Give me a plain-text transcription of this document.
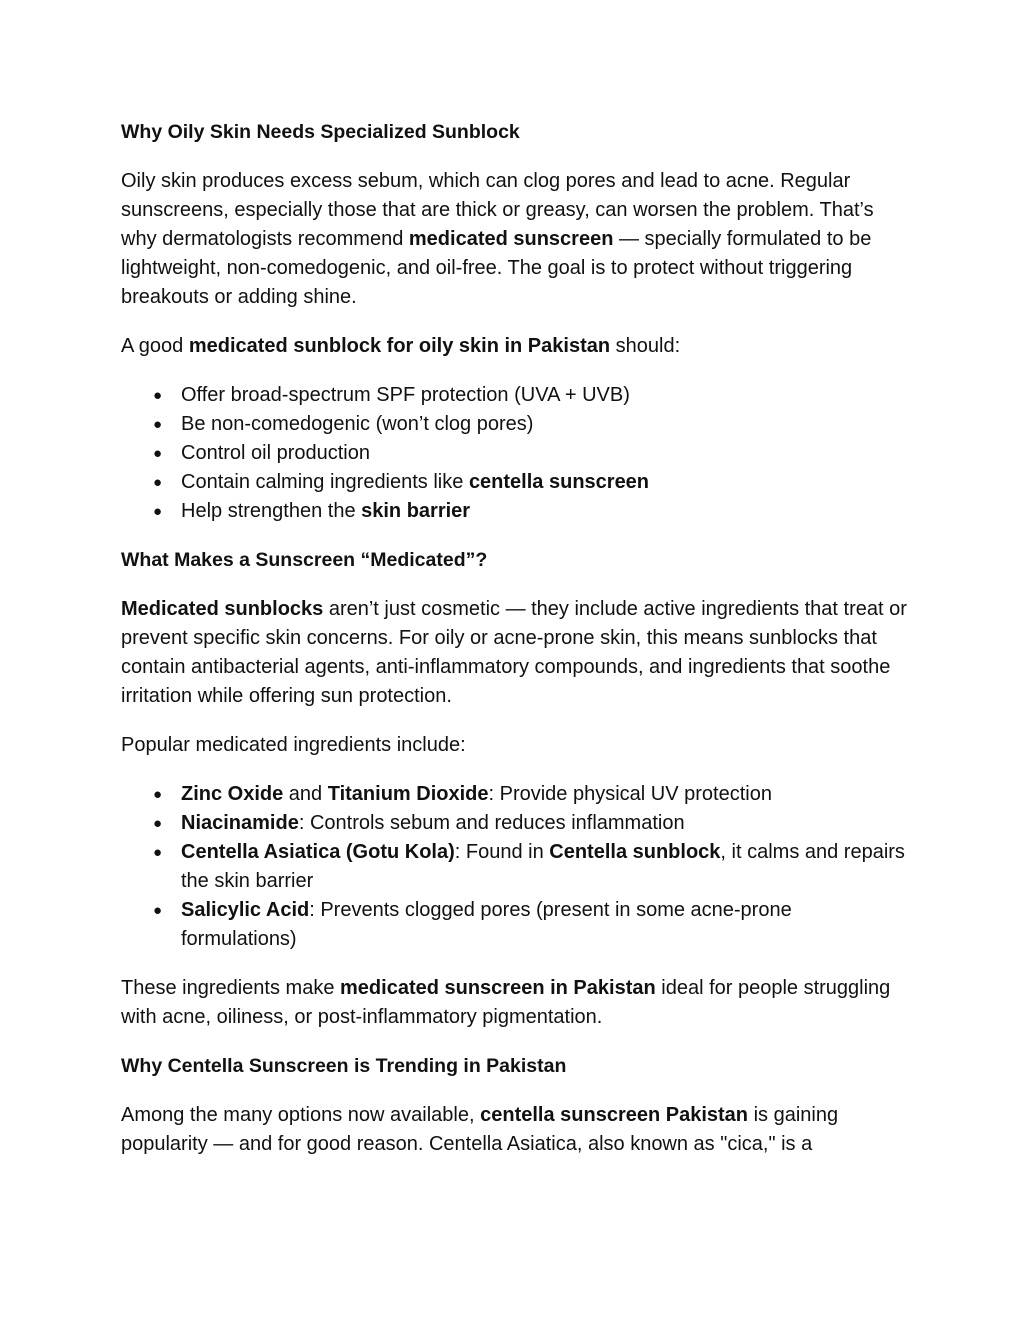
Why Oily Skin Needs Specialized Sunblock

Oily skin produces excess sebum, which can clog pores and lead to acne. Regular sunscreens, especially those that are thick or greasy, can worsen the problem. That’s why dermatologists recommend medicated sunscreen — specially formulated to be lightweight, non-comedogenic, and oil-free. The goal is to protect without triggering breakouts or adding shine.

A good medicated sunblock for oily skin in Pakistan should:

● Offer broad-spectrum SPF protection (UVA + UVB)
● Be non-comedogenic (won’t clog pores)
● Control oil production
● Contain calming ingredients like centella sunscreen
● Help strengthen the skin barrier
What Makes a Sunscreen “Medicated”?

Medicated sunblocks aren’t just cosmetic — they include active ingredients that treat or prevent specific skin concerns. For oily or acne-prone skin, this means sunblocks that contain antibacterial agents, anti-inflammatory compounds, and ingredients that soothe irritation while offering sun protection.

Popular medicated ingredients include:

● Zinc Oxide and Titanium Dioxide: Provide physical UV protection
● Niacinamide: Controls sebum and reduces inflammation
● Centella Asiatica (Gotu Kola): Found in Centella sunblock, it calms and repairs the skin barrier
● Salicylic Acid: Prevents clogged pores (present in some acne-prone formulations)

These ingredients make medicated sunscreen in Pakistan ideal for people struggling with acne, oiliness, or post-inflammatory pigmentation.

Why Centella Sunscreen is Trending in Pakistan

Among the many options now available, centella sunscreen Pakistan is gaining popularity — and for good reason. Centella Asiatica, also known as "cica," is a
